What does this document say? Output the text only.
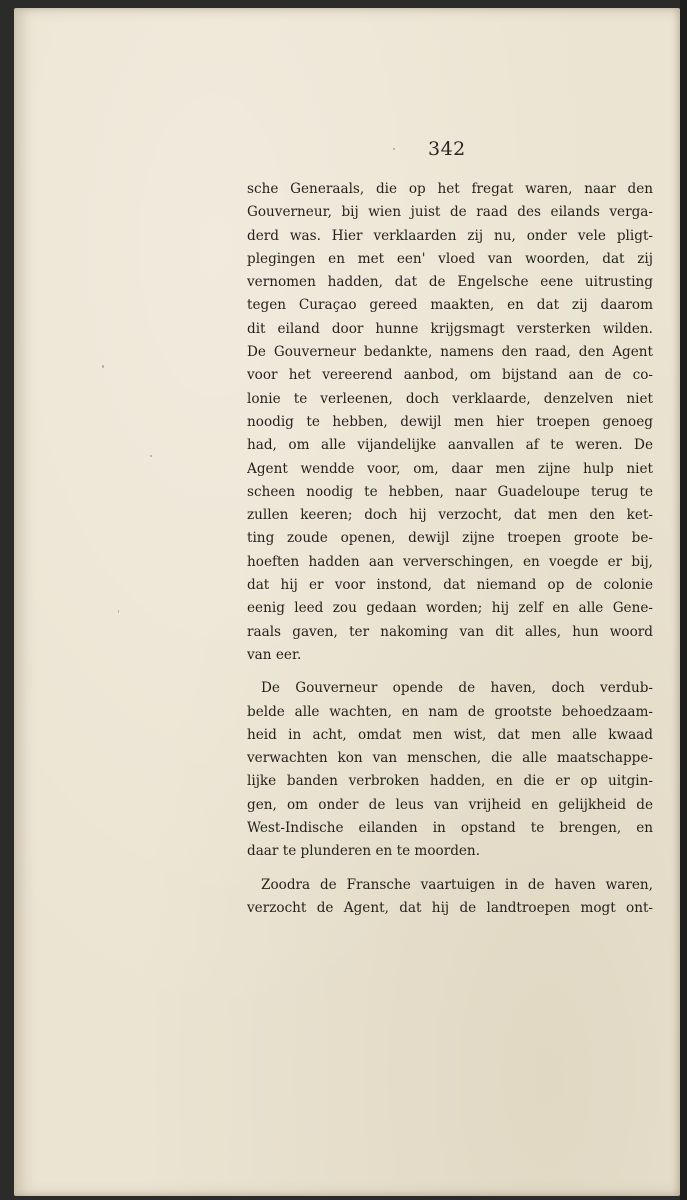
342
sche Generaals, die op het fregat waren, naar den
Gouverneur, bij wien juist de raad des eilands verga-
derd was. Hier verklaarden zij nu, onder vele pligt-
plegingen en met een' vloed van woorden, dat zij
vernomen hadden, dat de Engelsche eene uitrusting
tegen Curaçao gereed maakten, en dat zij daarom
dit eiland door hunne krijgsmagt versterken wilden.
De Gouverneur bedankte, namens den raad, den Agent
voor het vereerend aanbod, om bijstand aan de co-
lonie te verleenen, doch verklaarde, denzelven niet
noodig te hebben, dewijl men hier troepen genoeg
had, om alle vijandelijke aanvallen af te weren. De
Agent wendde voor, om, daar men zijne hulp niet
scheen noodig te hebben, naar Guadeloupe terug te
zullen keeren; doch hij verzocht, dat men den ket-
ting zoude openen, dewijl zijne troepen groote be-
hoeften hadden aan ververschingen, en voegde er bij,
dat hij er voor instond, dat niemand op de colonie
eenig leed zou gedaan worden; hij zelf en alle Gene-
raals gaven, ter nakoming van dit alles, hun woord
van eer.
De Gouverneur opende de haven, doch verdub-
belde alle wachten, en nam de grootste behoedzaam-
heid in acht, omdat men wist, dat men alle kwaad
verwachten kon van menschen, die alle maatschappe-
lijke banden verbroken hadden, en die er op uitgin-
gen, om onder de leus van vrijheid en gelijkheid de
West-Indische eilanden in opstand te brengen, en
daar te plunderen en te moorden.
Zoodra de Fransche vaartuigen in de haven waren,
verzocht de Agent, dat hij de landtroepen mogt ont-
